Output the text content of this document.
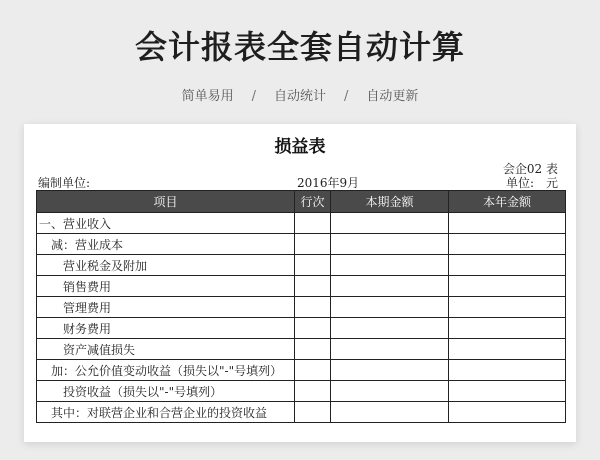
会计报表全套自动计算
简单易用 / 自动统计 / 自动更新
损益表
会企02 表
编制单位:	2016年9月	单位:　元
项目	行次	本期金额	本年金额
一、营业收入			
减：营业成本			
营业税金及附加			
销售费用			
管理费用			
财务费用			
资产减值损失			
加：公允价值变动收益（损失以"-"号填列）			
投资收益（损失以"-"号填列）			
其中：对联营企业和合营企业的投资收益			
